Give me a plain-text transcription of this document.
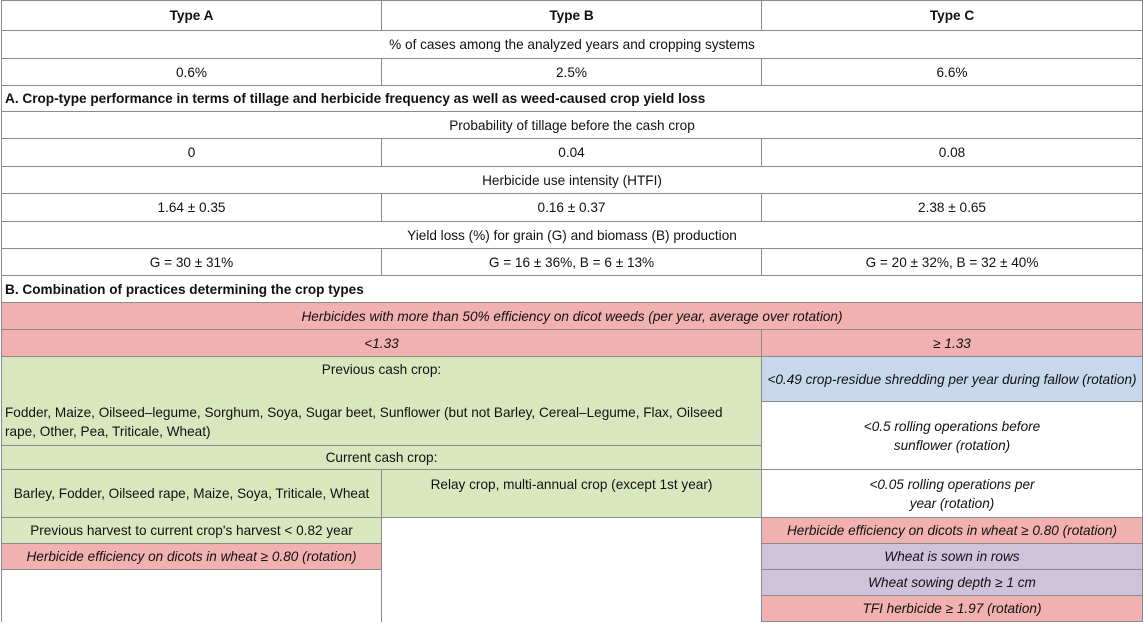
Type A	Type B	Type C
% of cases among the analyzed years and cropping systems		
0.6%	2.5%	6.6%
A. Crop-type performance in terms of tillage and herbicide frequency as well as weed-caused crop yield loss		
Probability of tillage before the cash crop		
0	0.04	0.08
Herbicide use intensity (HTFI)		
1.64 ± 0.35	0.16 ± 0.37	2.38 ± 0.65
Yield loss (%) for grain (G) and biomass (B) production		
G = 30 ± 31%	G = 16 ± 36%, B = 6 ± 13%	G = 20 ± 32%, B = 32 ± 40%
B. Combination of practices determining the crop types		
Herbicides with more than 50% efficiency on dicot weeds (per year, average over rotation)		
<1.33		≥ 1.33

Previous cash crop:
Fodder, Maize, Oilseed–legume, Sorghum, Soya, Sugar beet, Sunflower (but not Barley, Cereal–Legume, Flax, Oilseed rape, Other, Pea, Triticale, Wheat)		<0.49 crop-residue shredding per year during fallow (rotation)
		<0.5 rolling operations before sunflower (rotation)
Current cash crop:		
Barley, Fodder, Oilseed rape, Maize, Soya, Triticale, Wheat	Relay crop, multi-annual crop (except 1st year)	<0.05 rolling operations per year (rotation)
Previous harvest to current crop's harvest < 0.82 year		Herbicide efficiency on dicots in wheat ≥ 0.80 (rotation)
Herbicide efficiency on dicots in wheat ≥ 0.80 (rotation)		Wheat is sown in rows
		Wheat sowing depth ≥ 1 cm
		TFI herbicide ≥ 1.97 (rotation)
